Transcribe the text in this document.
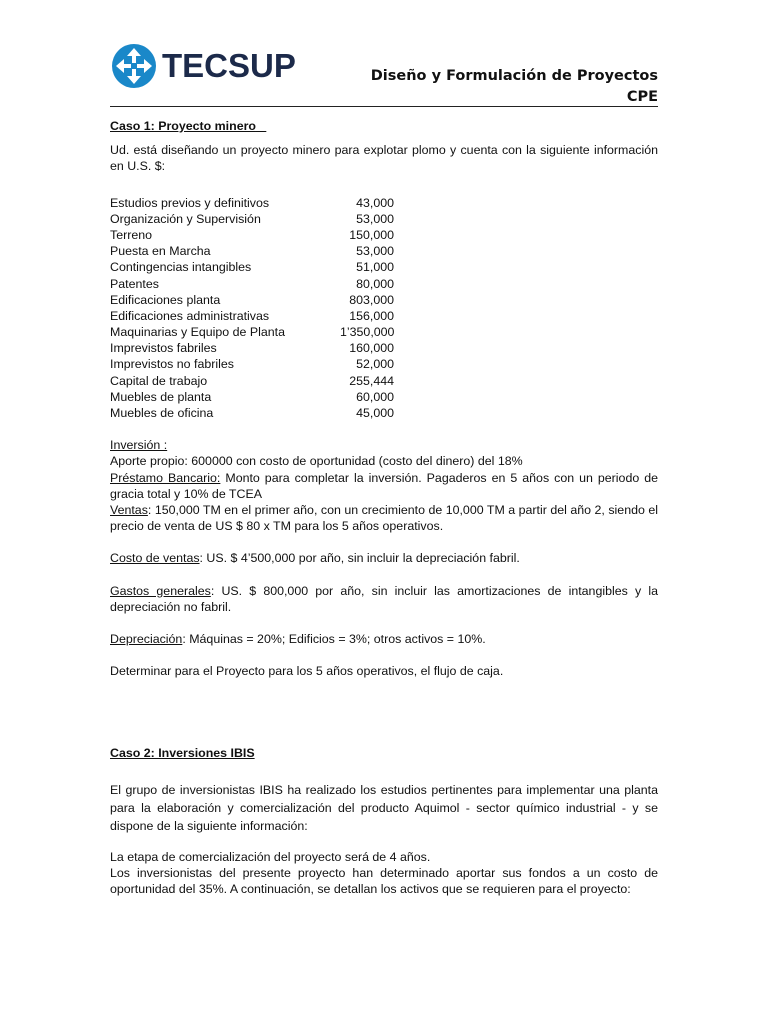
TECSUP	Diseño y Formulación de Proyectos
CPE

Caso 1: Proyecto minero

Ud. está diseñando un proyecto minero para explotar plomo y cuenta con la siguiente información en U.S. $:

Estudios previos y definitivos	43,000
Organización y Supervisión	53,000
Terreno	150,000
Puesta en Marcha	53,000
Contingencias intangibles	51,000
Patentes	80,000
Edificaciones planta	803,000
Edificaciones administrativas	156,000
Maquinarias y Equipo de Planta	1’350,000
Imprevistos fabriles	160,000
Imprevistos no fabriles	52,000
Capital de trabajo	255,444
Muebles de planta	60,000
Muebles de oficina	45,000

Inversión :

Aporte propio: 600000 con costo de oportunidad (costo del dinero) del 18%

Préstamo Bancario: Monto para completar la inversión. Pagaderos en 5 años con un periodo de gracia total y 10% de TCEA

Ventas: 150,000 TM en el primer año, con un crecimiento de 10,000 TM a partir del año 2, siendo el precio de venta de US $ 80 x TM para los 5 años operativos.

Costo de ventas: US. $ 4’500,000 por año, sin incluir la depreciación fabril.

Gastos generales: US. $ 800,000 por año, sin incluir las amortizaciones de intangibles y la depreciación no fabril.

Depreciación: Máquinas = 20%; Edificios = 3%; otros activos = 10%.

Determinar para el Proyecto para los 5 años operativos, el flujo de caja.

Caso 2: Inversiones IBIS

El grupo de inversionistas IBIS ha realizado los estudios pertinentes para implementar una planta para la elaboración y comercialización del producto Aquimol - sector químico industrial - y se dispone de la siguiente información:

La etapa de comercialización del proyecto será de 4 años.

Los inversionistas del presente proyecto han determinado aportar sus fondos a un costo de oportunidad del 35%. A continuación, se detallan los activos que se requieren para el proyecto:
